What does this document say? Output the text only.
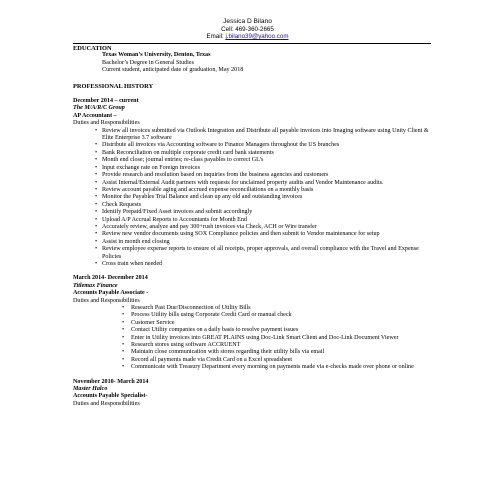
Jessica D Bilano
Cell: 469-360-2665
Email: j.bilano39@yahoo.com
EDUCATION
Texas Woman’s University, Denton, Texas
Bachelor’s Degree in General Studies
Current student, anticipated date of graduation, May 2018
PROFESSIONAL HISTORY
December 2014 – current
The M/A/R/C Group
AP Accountant –
Duties and Responsibilities
• Review all invoices submitted via Outlook Integration and Distribute all payable invoices into Imaging software using Unity Client & Elite Enterprise 3.7 software
• Distribute all invoices via Accounting software to Finance Managers throughout the US branches
• Bank Reconciliation on multiple corporate credit card bank statements
• Month end close; journal entries; re-class payables to correct GL’s
• Input exchange rate on Foreign invoices
• Provide research and resolution based on inquiries from the business agencies and customers
• Assist Internal/External Audit partners with requests for unclaimed property audits and Vendor Maintenance audits.
• Review account payable aging and accrued expense reconciliations on a monthly basis
• Monitor the Payables Trial Balance and clean up any old and outstanding invoices
• Check Requests
• Identify Prepaid/Fixed Asset invoices and submit accordingly
• Upload A/P Accrual Reports to Accountants for Month End
• Accurately review, analyze and pay 300+rush invoices via Check, ACH or Wire transfer
• Review new vendor documents using SOX Compliance policies and then submit to Vendor maintenance for setup
• Assist in month end closing
• Review employee expense reports to ensure of all receipts, proper approvals, and overall compliance with the Travel and Expense Policies
• Cross train when needed
March 2014- December 2014
Titlemax Finance
Accounts Payable Associate -
Duties and Responsibilities
• Research Past Due/Disconnection of Utility Bills
• Process Utility bills using Corporate Credit Card or manual check
• Customer Service
• Contact Utility companies on a daily basis to resolve payment issues
• Enter in Utility invoices into GREAT PLAINS using Doc-Link Smart Client and Doc-Link Document Viewer
• Research stores using software ACCRUENT
• Maintain close communication with stores regarding their utility bills via email
• Record all payments made via Credit Card on a Excel spreadsheet
• Communicate with Treasury Department every morning on payments made via e-checks made over phone or online
November 2010- March 2014
Master Halco
Accounts Payable Specialist-
Duties and Responsibilities
